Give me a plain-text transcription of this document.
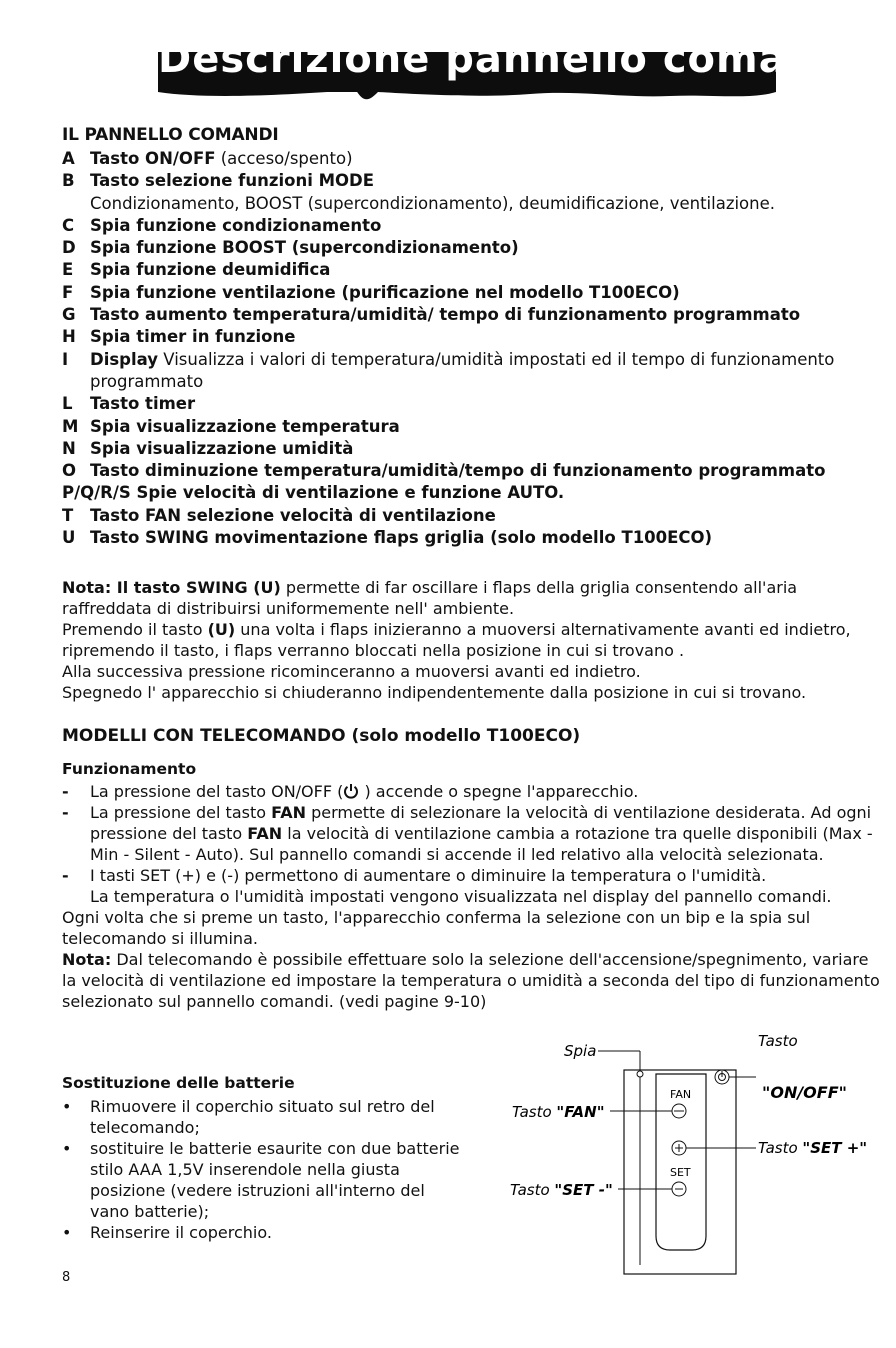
Descrizione pannello comandi
IL PANNELLO COMANDI
A Tasto ON/OFF (acceso/spento)
B Tasto selezione funzioni MODE
Condizionamento, BOOST (supercondizionamento), deumidificazione, ventilazione.
C Spia funzione condizionamento
D Spia funzione BOOST (supercondizionamento)
E	Spia funzione deumidifica
F	Spia funzione ventilazione (purificazione nel modello T100ECO)
G Tasto aumento temperatura/umidità/ tempo di funzionamento programmato
H Spia timer in funzione
I	Display Visualizza i valori di temperatura/umidità impostati ed il tempo di funzionamento programmato
L	Tasto timer
M Spia visualizzazione temperatura
N Spia visualizzazione umidità
O Tasto diminuzione temperatura/umidità/tempo di funzionamento programmato
P/Q/R/S Spie velocità di ventilazione e funzione AUTO.
T	Tasto FAN selezione velocità di ventilazione
U Tasto SWING movimentazione flaps griglia (solo modello T100ECO)
Nota: Il tasto SWING (U) permette di far oscillare i flaps della griglia consentendo all'aria raffreddata di distribuirsi uniformemente nell' ambiente.
Premendo il tasto (U) una volta i flaps inizieranno a muoversi alternativamente avanti ed indietro, ripremendo il tasto, i flaps verranno bloccati nella posizione in cui si trovano .
Alla successiva pressione ricominceranno a muoversi avanti ed indietro.
Spegnedo l' apparecchio si chiuderanno indipendentemente dalla posizione in cui si trovano.
MODELLI CON TELECOMANDO (solo modello T100ECO)
Funzionamento
-	La pressione del tasto ON/OFF ( ) accende o spegne l'apparecchio.
-	La pressione del tasto FAN permette di selezionare la velocità di ventilazione desiderata. Ad ogni pressione del tasto FAN la velocità di ventilazione cambia a rotazione tra quelle disponibili (Max - Min - Silent - Auto). Sul pannello comandi si accende il led relativo alla velocità selezionata.
-	I tasti SET (+) e (-) permettono di aumentare o diminuire la temperatura o l'umidità.
La temperatura o l'umidità impostati vengono visualizzata nel display del pannello comandi.
Ogni volta che si preme un tasto, l'apparecchio conferma la selezione con un bip e la spia sul telecomando si illumina.
Nota: Dal telecomando è possibile effettuare solo la selezione dell'accensione/spegnimento, variare la velocità di ventilazione ed impostare la temperatura o umidità a seconda del tipo di funzionamento selezionato sul pannello comandi. (vedi pagine 9-10)
Sostituzione delle batterie
•	Rimuovere il coperchio situato sul retro del telecomando;
•	sostituire le batterie esaurite con due batterie stilo AAA 1,5V inserendole nella giusta posizione (vedere istruzioni all'interno del vano batterie);
•	Reinserire il coperchio.
Spia
Tasto
"ON/OFF"
FAN
Tasto "FAN"
Tasto "SET +"
SET
Tasto "SET -"
8
